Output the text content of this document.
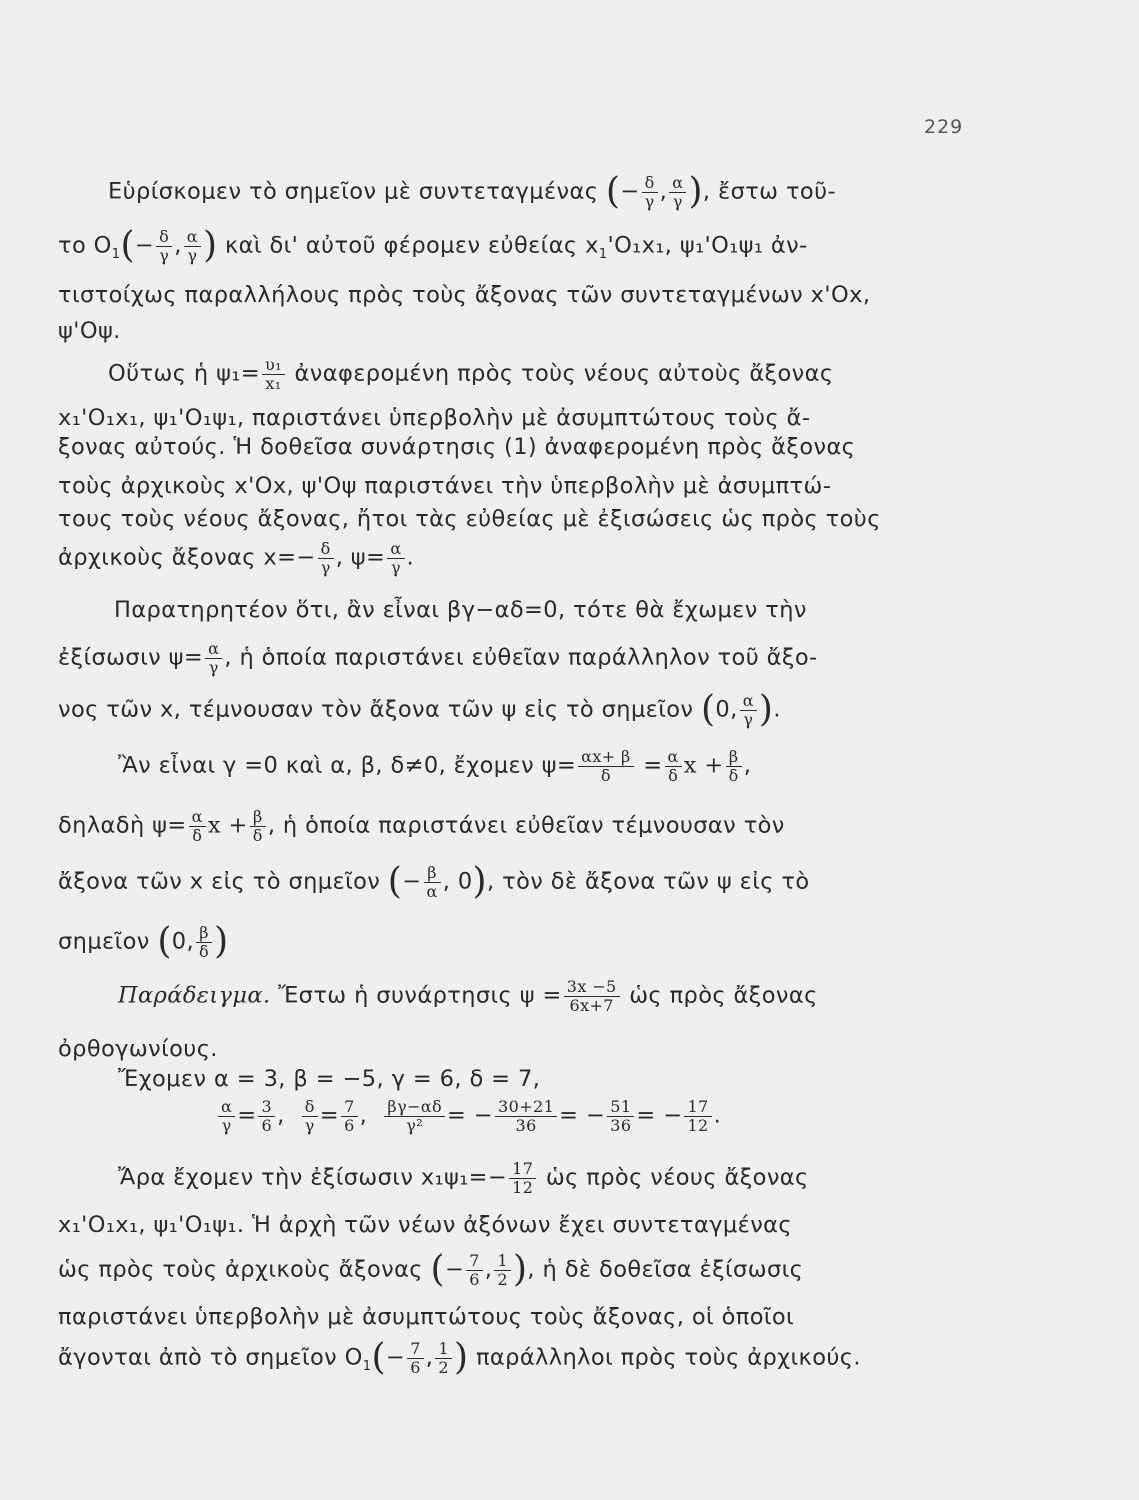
229
Εὑρίσκομεν τὸ σημεῖον μὲ συντεταγμένας (− $\frac{\delta}{\gamma}$ , $\frac{\alpha}{\gamma}$ ), ἔστω τοῦ-
το $O_1(- \frac{\delta}{\gamma}$ , $\frac{\alpha}{\gamma}$ ) καὶ δι' αὐτοῦ φέρομεν εὐθείας $x_1'O_1x_1$, ψ₁'O₁ψ₁ ἀν-
τιστοίχως παραλλήλους πρὸς τοὺς ἄξονας τῶν συντεταγμένων x'Ox,
ψ'Oψ.
Οὕτως ἡ $\psi_1= \frac{\text{υ₁}}{\text{x₁}}$ ἀναφερομένη πρὸς τοὺς νέους αὐτοὺς ἄξονας
x₁'O₁x₁, ψ₁'O₁ψ₁, παριστάνει ὑπερβολὴν μὲ ἀσυμπτώτους τοὺς ἄ-
ξονας αὐτούς. Ἡ δοθεῖσα συνάρτησις (1) ἀναφερομένη πρὸς ἄξονας
τοὺς ἀρχικοὺς x'Ox, ψ'Oψ παριστάνει τὴν ὑπερβολὴν μὲ ἀσυμπτώ-
τους τοὺς νέους ἄξονας, ἤτοι τὰς εὐθείας μὲ ἐξισώσεις ὡς πρὸς τοὺς
ἀρχικοὺς ἄξονας $x=- \frac{\delta}{\gamma}$ , $\psi= \frac{\alpha}{\gamma}$ .
Παρατηρητέον ὅτι, ἂν εἶναι βγ−αδ=0, τότε θὰ ἔχωμεν τὴν
ἐξίσωσιν $\psi= \frac{\alpha}{\gamma}$ , ἡ ὁποία παριστάνει εὐθεῖαν παράλληλον τοῦ ἄξο-
νος τῶν x, τέμνουσαν τὸν ἄξονα τῶν ψ εἰς τὸ σημεῖον (0, $\frac{\alpha}{\gamma}$ ).
Ἂν εἶναι γ =0 καὶ α, β, δ≠0, ἔχομεν $\psi= \frac{\alpha x+ \beta}{\delta} = \frac{\alpha}{\delta}$ $x + \frac{\beta}{\delta}$ ,
δηλαδὴ $\psi= \frac{\alpha}{\delta}$ $x + \frac{\beta}{\delta}$ , ἡ ὁποία παριστάνει εὐθεῖαν τέμνουσαν τὸν
ἄξονα τῶν x εἰς τὸ σημεῖον (− $\frac{\beta}{\alpha}$ , 0), τὸν δὲ ἄξονα τῶν ψ εἰς τὸ
σημεῖον (0, $\frac{\beta}{\delta}$ )
Παράδειγμα. Ἔστω ἡ συνάρτησις $\psi = \frac{3x -5}{6x+7}$ ὡς πρὸς ἄξονας
ὀρθογωνίους.
Ἔχομεν α = 3, β = −5, γ = 6, δ = 7,
$\frac{\alpha}{\gamma} = \frac{3}{6}$ , $\frac{\delta}{\gamma} = \frac{7}{6}$ , $\frac{\beta\gamma-\alpha\delta}{\text{γ²}}$ = − $\frac{30+21}{36}$ = − $\frac{51}{36}$ = − $\frac{17}{12}$ .
Ἄρα ἔχομεν τὴν ἐξίσωσιν $x_1\psi_1=- \frac{17}{12}$ ὡς πρὸς νέους ἄξονας
x₁'O₁x₁, ψ₁'O₁ψ₁. Ἡ ἀρχὴ τῶν νέων ἀξόνων ἔχει συντεταγμένας
ὡς πρὸς τοὺς ἀρχικοὺς ἄξονας (− $\frac{7}{6}$ , $\frac{1}{2}$ ), ἡ δὲ δοθεῖσα ἐξίσωσις
παριστάνει ὑπερβολὴν μὲ ἀσυμπτώτους τοὺς ἄξονας, οἱ ὁποῖοι
ἄγονται ἀπὸ τὸ σημεῖον $O_1(- \frac{7}{6}$ , $\frac{1}{2}$ ) παράλληλοι πρὸς τοὺς ἀρχικούς.
